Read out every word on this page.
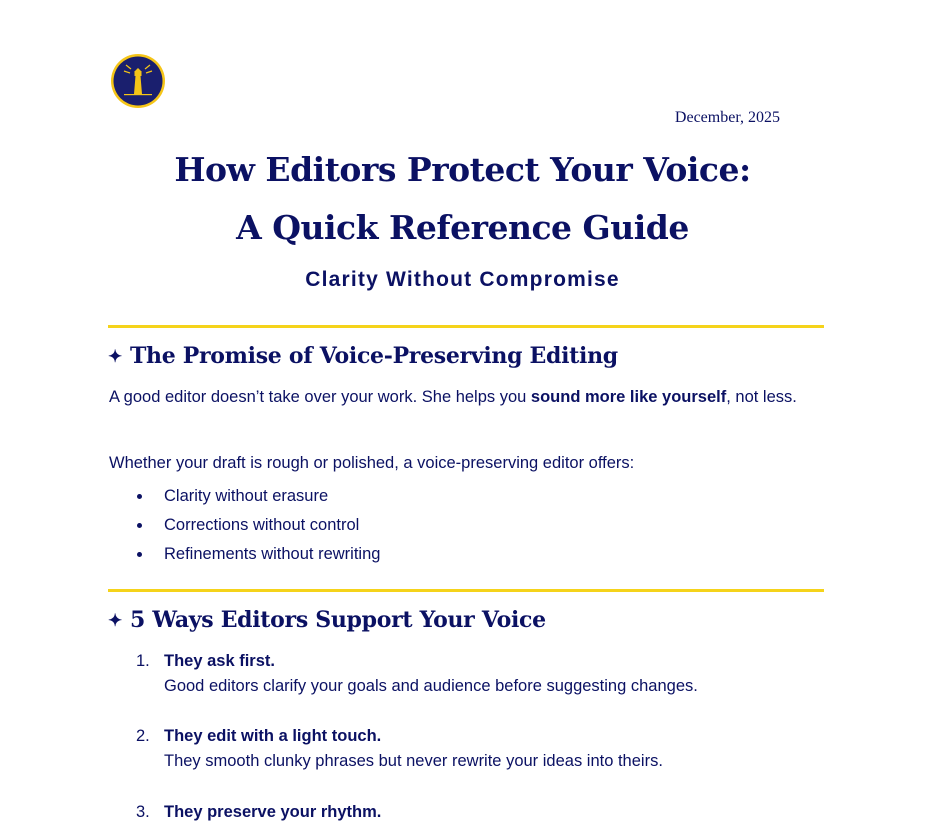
December, 2025
How Editors Protect Your Voice:
A Quick Reference Guide
Clarity Without Compromise
✦ The Promise of Voice-Preserving Editing
A good editor doesn’t take over your work. She helps you sound more like yourself, not less.
Whether your draft is rough or polished, a voice-preserving editor offers:
Clarity without erasure
Corrections without control
Refinements without rewriting
✦ 5 Ways Editors Support Your Voice
1. They ask first.
Good editors clarify your goals and audience before suggesting changes.
2. They edit with a light touch.
They smooth clunky phrases but never rewrite your ideas into theirs.
3. They preserve your rhythm.
